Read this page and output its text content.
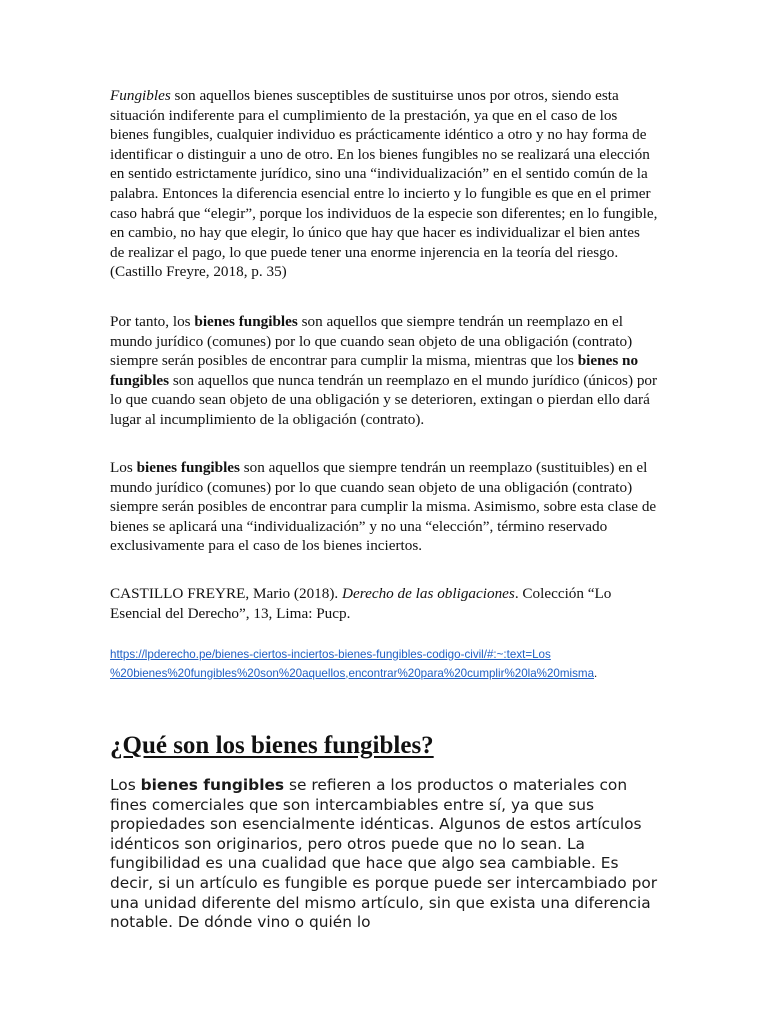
Fungibles son aquellos bienes susceptibles de sustituirse unos por otros, siendo esta situación indiferente para el cumplimiento de la prestación, ya que en el caso de los bienes fungibles, cualquier individuo es prácticamente idéntico a otro y no hay forma de identificar o distinguir a uno de otro. En los bienes fungibles no se realizará una elección en sentido estrictamente jurídico, sino una “individualización” en el sentido común de la palabra. Entonces la diferencia esencial entre lo incierto y lo fungible es que en el primer caso habrá que “elegir”, porque los individuos de la especie son diferentes; en lo fungible, en cambio, no hay que elegir, lo único que hay que hacer es individualizar el bien antes de realizar el pago, lo que puede tener una enorme injerencia en la teoría del riesgo. (Castillo Freyre, 2018, p. 35)

Por tanto, los bienes fungibles son aquellos que siempre tendrán un reemplazo en el mundo jurídico (comunes) por lo que cuando sean objeto de una obligación (contrato) siempre serán posibles de encontrar para cumplir la misma, mientras que los bienes no fungibles son aquellos que nunca tendrán un reemplazo en el mundo jurídico (únicos) por lo que cuando sean objeto de una obligación y se deterioren, extingan o pierdan ello dará lugar al incumplimiento de la obligación (contrato).

Los bienes fungibles son aquellos que siempre tendrán un reemplazo (sustituibles) en el mundo jurídico (comunes) por lo que cuando sean objeto de una obligación (contrato) siempre serán posibles de encontrar para cumplir la misma. Asimismo, sobre esta clase de bienes se aplicará una “individualización” y no una “elección”, término reservado exclusivamente para el caso de los bienes inciertos.

CASTILLO FREYRE, Mario (2018). Derecho de las obligaciones. Colección “Lo Esencial del Derecho”, 13, Lima: Pucp.

https://lpderecho.pe/bienes-ciertos-inciertos-bienes-fungibles-codigo-civil/#:~:text=Los
%20bienes%20fungibles%20son%20aquellos,encontrar%20para%20cumplir%20la%20misma.

¿Qué son los bienes fungibles?

Los bienes fungibles se refieren a los productos o materiales con fines comerciales que son intercambiables entre sí, ya que sus propiedades son esencialmente idénticas. Algunos de estos artículos idénticos son originarios, pero otros puede que no lo sean. La fungibilidad es una cualidad que hace que algo sea cambiable. Es decir, si un artículo es fungible es porque puede ser intercambiado por una unidad diferente del mismo artículo, sin que exista una diferencia notable. De dónde vino o quién lo
